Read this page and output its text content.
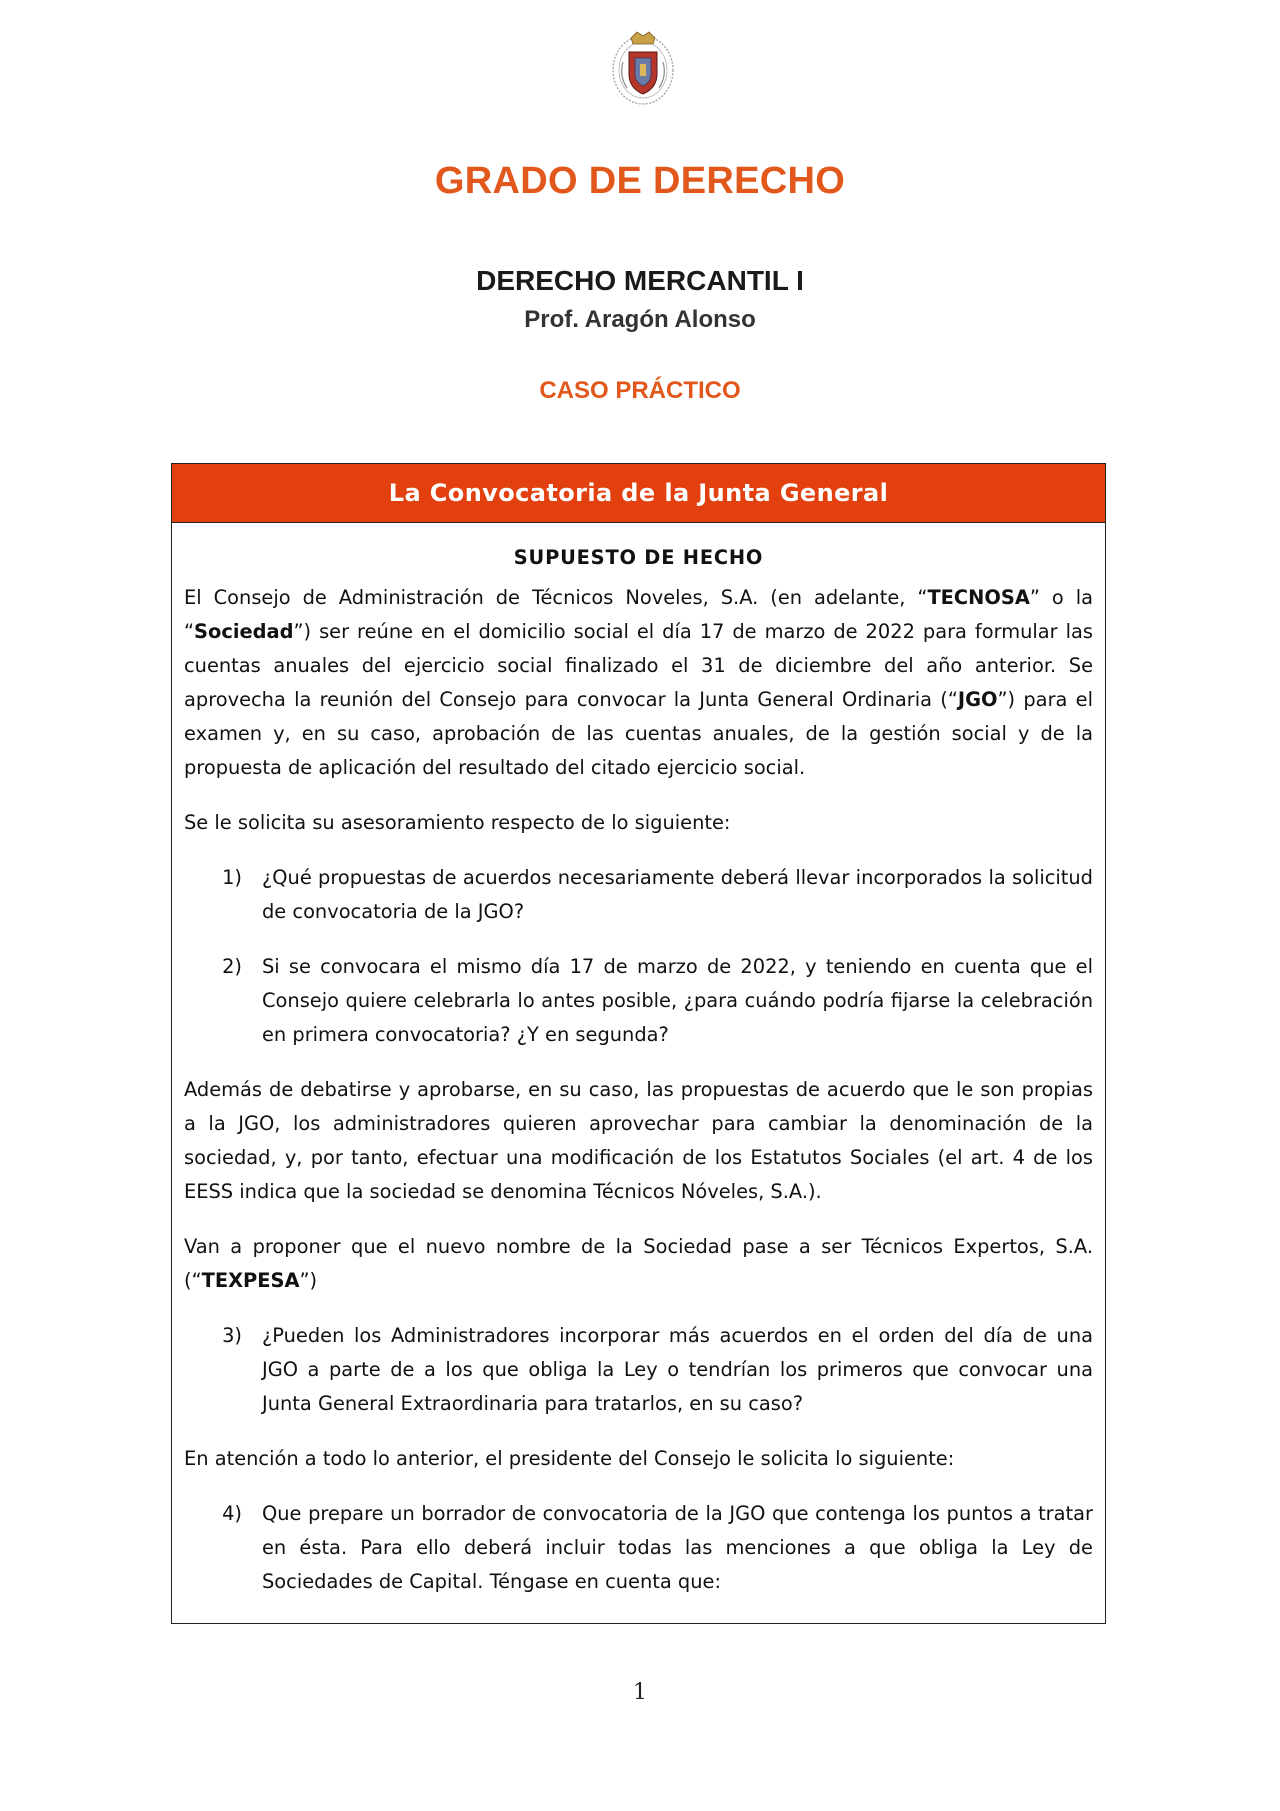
GRADO DE DERECHO
DERECHO MERCANTIL I
Prof. Aragón Alonso
CASO PRÁCTICO
La Convocatoria de la Junta General
SUPUESTO DE HECHO

El Consejo de Administración de Técnicos Noveles, S.A. (en adelante, “TECNOSA” o la “Sociedad”) ser reúne en el domicilio social el día 17 de marzo de 2022 para formular las cuentas anuales del ejercicio social finalizado el 31 de diciembre del año anterior. Se aprovecha la reunión del Consejo para convocar la Junta General Ordinaria (“JGO”) para el examen y, en su caso, aprobación de las cuentas anuales, de la gestión social y de la propuesta de aplicación del resultado del citado ejercicio social.

Se le solicita su asesoramiento respecto de lo siguiente:

1)	¿Qué propuestas de acuerdos necesariamente deberá llevar incorporados la solicitud de convocatoria de la JGO?
2)	Si se convocara el mismo día 17 de marzo de 2022, y teniendo en cuenta que el Consejo quiere celebrarla lo antes posible, ¿para cuándo podría fijarse la celebración en primera convocatoria? ¿Y en segunda?

Además de debatirse y aprobarse, en su caso, las propuestas de acuerdo que le son propias a la JGO, los administradores quieren aprovechar para cambiar la denominación de la sociedad, y, por tanto, efectuar una modificación de los Estatutos Sociales (el art. 4 de los EESS indica que la sociedad se denomina Técnicos Nóveles, S.A.).

Van a proponer que el nuevo nombre de la Sociedad pase a ser Técnicos Expertos, S.A. (“TEXPESA”)

3)	¿Pueden los Administradores incorporar más acuerdos en el orden del día de una JGO a parte de a los que obliga la Ley o tendrían los primeros que convocar una Junta General Extraordinaria para tratarlos, en su caso?

En atención a todo lo anterior, el presidente del Consejo le solicita lo siguiente:

4)	Que prepare un borrador de convocatoria de la JGO que contenga los puntos a tratar en ésta. Para ello deberá incluir todas las menciones a que obliga la Ley de Sociedades de Capital. Téngase en cuenta que:
1
